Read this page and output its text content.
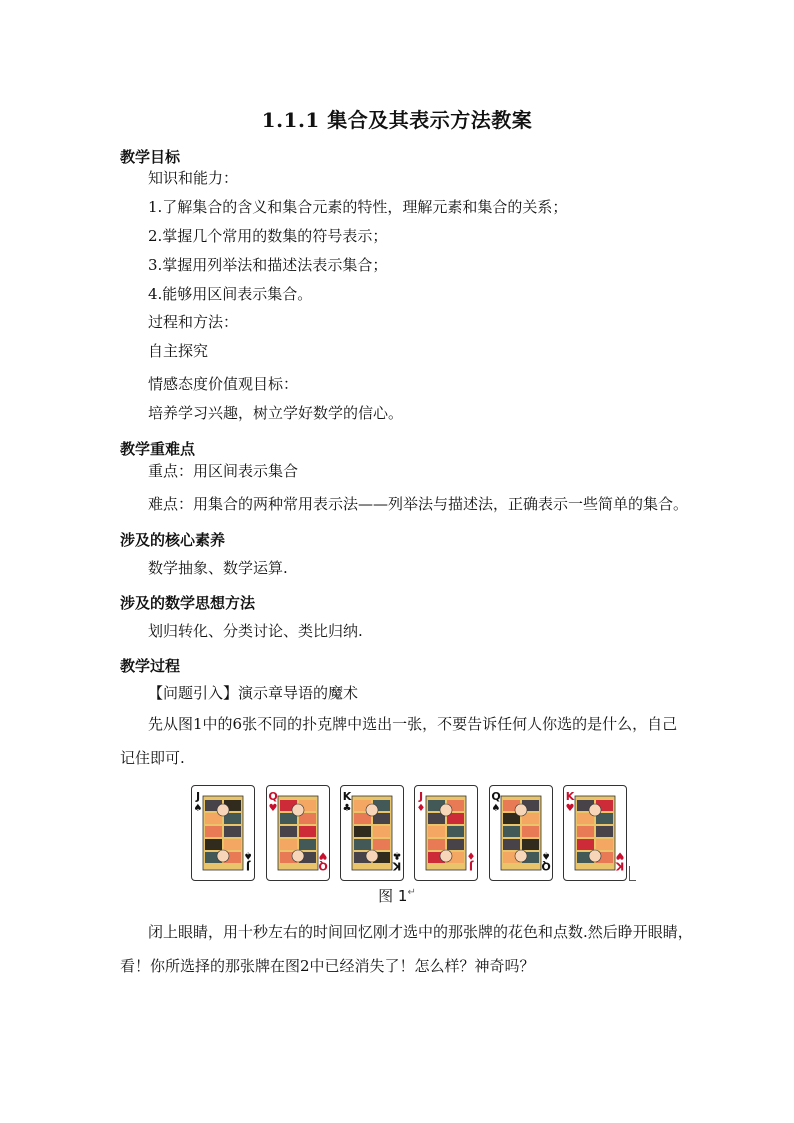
1.1.1 集合及其表示方法教案
教学目标
知识和能力：
1.了解集合的含义和集合元素的特性，理解元素和集合的关系；
2.掌握几个常用的数集的符号表示；
3.掌握用列举法和描述法表示集合；
4.能够用区间表示集合。
过程和方法：
自主探究
情感态度价值观目标：
培养学习兴趣，树立学好数学的信心。
教学重难点
重点：用区间表示集合
难点：用集合的两种常用表示法——列举法与描述法，正确表示一些简单的集合。
涉及的核心素养
数学抽象、数学运算.
涉及的数学思想方法
划归转化、分类讨论、类比归纳.
教学过程
【问题引入】演示章导语的魔术
先从图1中的6张不同的扑克牌中选出一张，不要告诉任何人你选的是什么，自己
记住即可.
J
♠
J
♠
Q
♥
Q
♥
K
♣
K
♣
J
♦
J
♦
Q
♠
Q
♠
K
♥
K
♥
图 1↵
闭上眼睛，用十秒左右的时间回忆刚才选中的那张牌的花色和点数.然后睁开眼睛，
看！你所选择的那张牌在图2中已经消失了！怎么样？神奇吗？
